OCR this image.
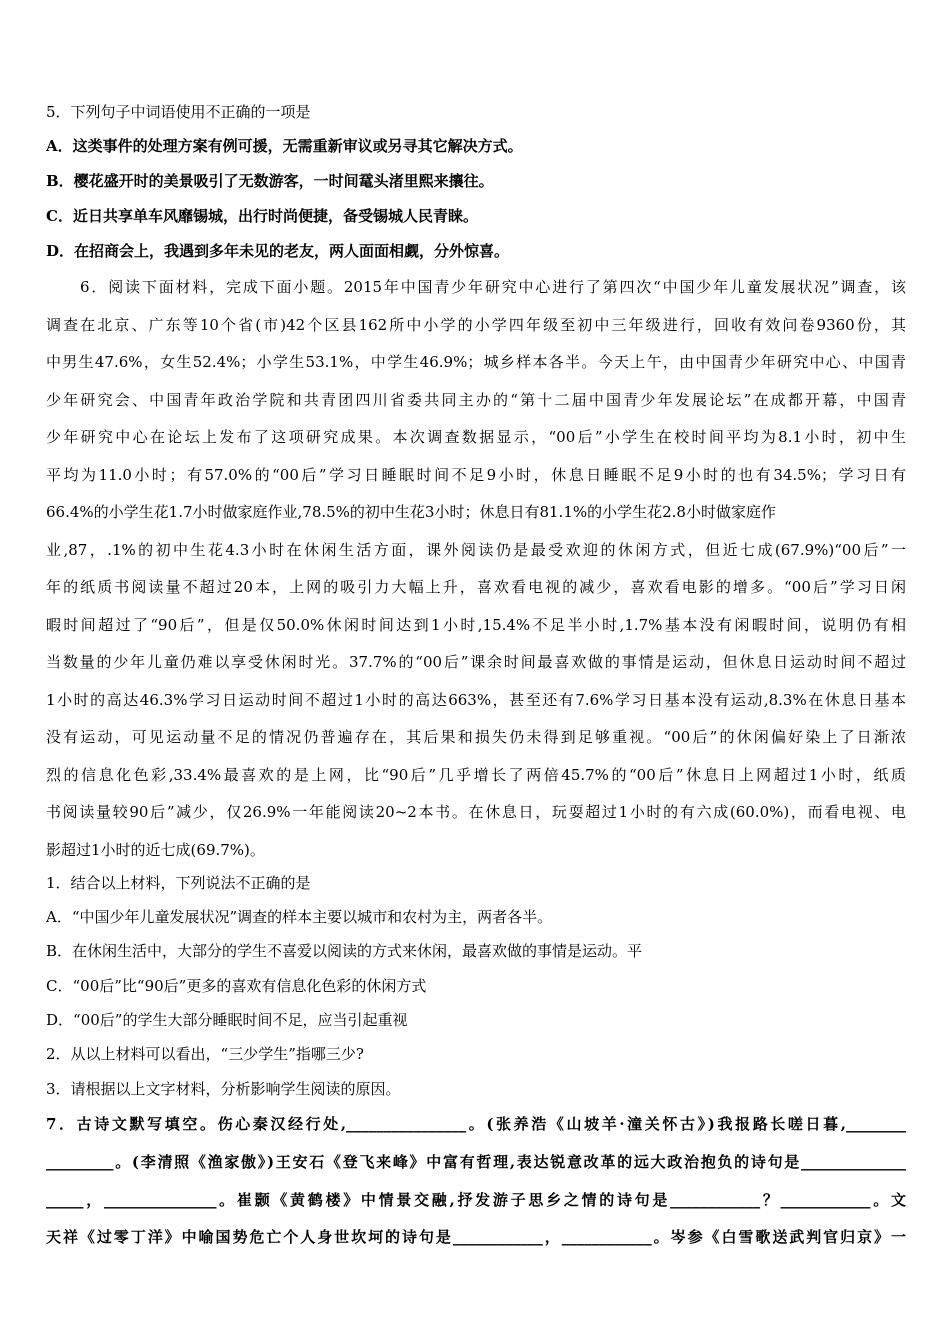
5．下列句子中词语使用不正确的一项是
A．这类事件的处理方案有例可援，无需重新审议或另寻其它解决方式。
B．樱花盛开时的美景吸引了无数游客，一时间鼋头渚里熙来攘往。
C．近日共享单车风靡锡城，出行时尚便捷，备受锡城人民青睐。
D．在招商会上，我遇到多年未见的老友，两人面面相觑，分外惊喜。
6．阅读下面材料，完成下面小题。2015年中国青少年研究中心进行了第四次“中国少年儿童发展状况”调查，该
调查在北京、广东等10个省(市)42个区县162所中小学的小学四年级至初中三年级进行，回收有效问卷9360份，其
中男生47.6%，女生52.4%；小学生53.1%，中学生46.9%；城乡样本各半。今天上午，由中国青少年研究中心、中国青
少年研究会、中国青年政治学院和共青团四川省委共同主办的“第十二届中国青少年发展论坛”在成都开幕，中国青
少年研究中心在论坛上发布了这项研究成果。本次调查数据显示，“00后”小学生在校时间平均为8.1小时，初中生
平均为11.0小时；有57.0%的“00后”学习日睡眠时间不足9小时，休息日睡眠不足9小时的也有34.5%；学习日有
66.4%的小学生花1.7小时做家庭作业,78.5%的初中生花3小时；休息日有81.1%的小学生花2.8小时做家庭作
业,87，.1%的初中生花4.3小时在休闲生活方面，课外阅读仍是最受欢迎的休闲方式，但近七成(67.9%)“00后”一
年的纸质书阅读量不超过20本，上网的吸引力大幅上升，喜欢看电视的减少，喜欢看电影的增多。“00后”学习日闲
暇时间超过了“90后”，但是仅50.0%休闲时间达到1小时,15.4%不足半小时,1.7%基本没有闲暇时间，说明仍有相
当数量的少年儿童仍难以享受休闲时光。37.7%的“00后”课余时间最喜欢做的事情是运动，但休息日运动时间不超过
1小时的高达46.3%学习日运动时间不超过1小时的高达663%，甚至还有7.6%学习日基本没有运动,8.3%在休息日基本
没有运动，可见运动量不足的情况仍普遍存在，其后果和损失仍未得到足够重视。“00后”的休闲偏好染上了日渐浓
烈的信息化色彩,33.4%最喜欢的是上网，比“90后”几乎增长了两倍45.7%的“00后”休息日上网超过1小时，纸质
书阅读量较90后”减少，仅26.9%一年能阅读20~2本书。在休息日，玩耍超过1小时的有六成(60.0%)，而看电视、电
影超过1小时的近七成(69.7%)。
1．结合以上材料，下列说法不正确的是
A．“中国少年儿童发展状况”调查的样本主要以城市和农村为主，两者各半。
B．在休闲生活中，大部分的学生不喜爱以阅读的方式来休闲，最喜欢做的事情是运动。平
C．“00后”比“90后”更多的喜欢有信息化色彩的休闲方式
D．“00后”的学生大部分睡眠时间不足，应当引起重视
2．从以上材料可以看出，“三少学生”指哪三少?
3．请根据以上文字材料，分析影响学生阅读的原因。
7．古诗文默写填空。伤心秦汉经行处,________________。(张养浩《山坡羊·潼关怀古》)我报路长嗟日暮,________
_________。(李清照《渔家傲》)王安石《登飞来峰》中富有哲理,表达锐意改革的远大政治抱负的诗句是______________
_____，_______________。崔颢《黄鹤楼》中情景交融,抒发游子思乡之情的诗句是____________？____________。文
天祥《过零丁洋》中喻国势危亡个人身世坎坷的诗句是____________，____________。岑参《白雪歌送武判官归京》一
